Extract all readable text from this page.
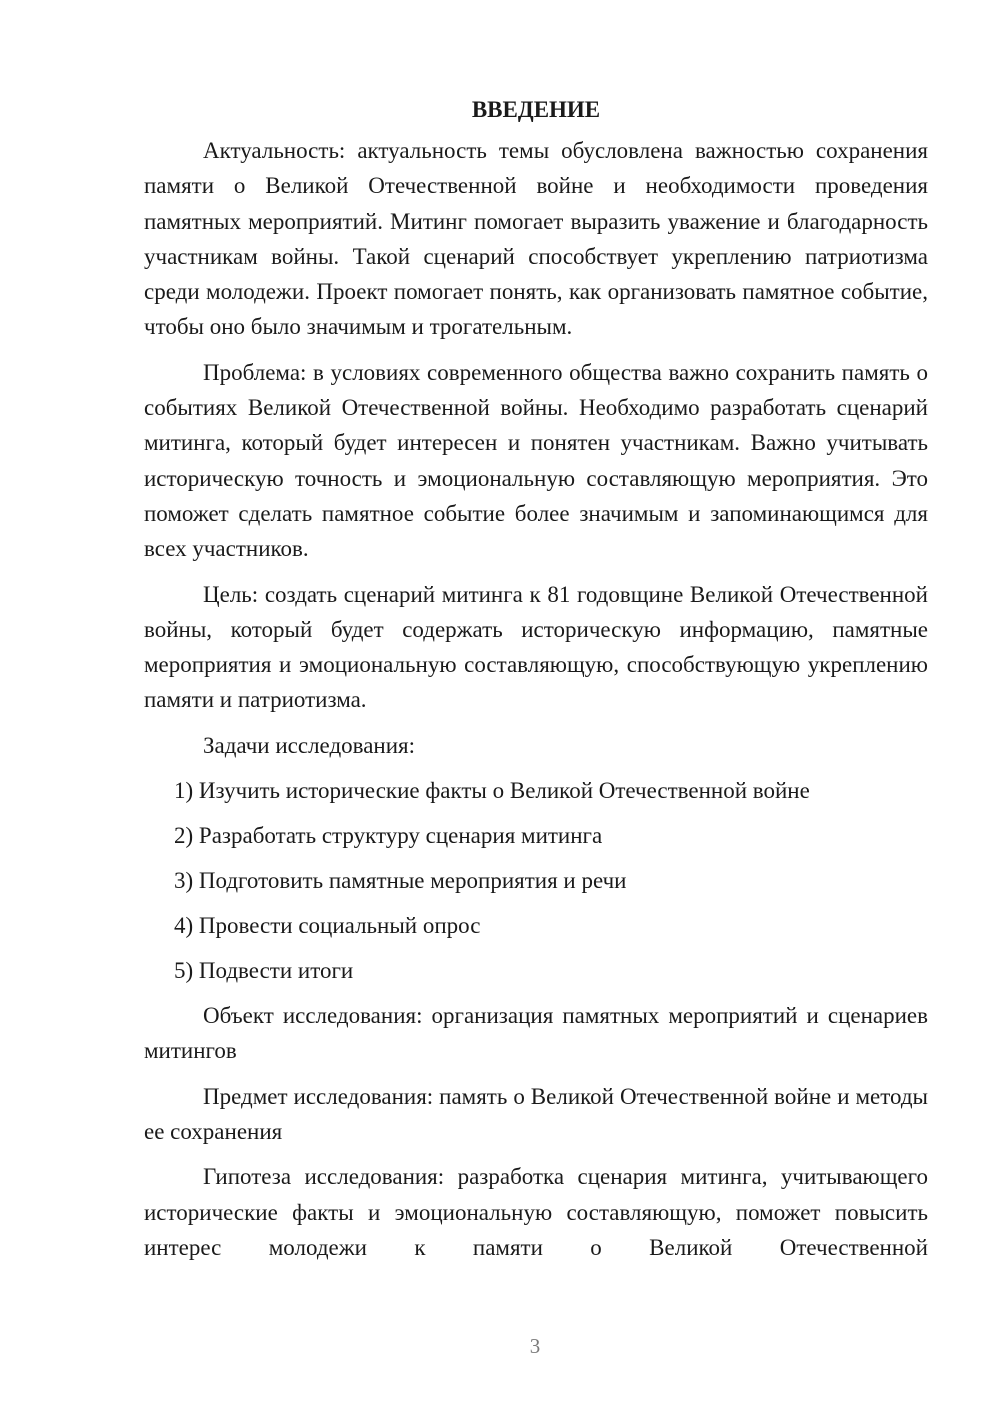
ВВЕДЕНИЕ

Актуальность: актуальность темы обусловлена важностью сохранения памяти о Великой Отечественной войне и необходимости проведения памятных мероприятий. Митинг помогает выразить уважение и благодарность участникам войны. Такой сценарий способствует укреплению патриотизма среди молодежи. Проект помогает понять, как организовать памятное событие, чтобы оно было значимым и трогательным.

Проблема: в условиях современного общества важно сохранить память о событиях Великой Отечественной войны. Необходимо разработать сценарий митинга, который будет интересен и понятен участникам. Важно учитывать историческую точность и эмоциональную составляющую мероприятия. Это поможет сделать памятное событие более значимым и запоминающимся для всех участников.

Цель: создать сценарий митинга к 81 годовщине Великой Отечественной войны, который будет содержать историческую информацию, памятные мероприятия и эмоциональную составляющую, способствующую укреплению памяти и патриотизма.

Задачи исследования:

1) Изучить исторические факты о Великой Отечественной войне
2) Разработать структуру сценария митинга
3) Подготовить памятные мероприятия и речи
4) Провести социальный опрос
5) Подвести итоги

Объект исследования: организация памятных мероприятий и сценариев митингов

Предмет исследования: память о Великой Отечественной войне и методы ее сохранения

Гипотеза исследования: разработка сценария митинга, учитывающего исторические факты и эмоциональную составляющую, поможет повысить интерес молодежи к памяти о Великой Отечественной

3
